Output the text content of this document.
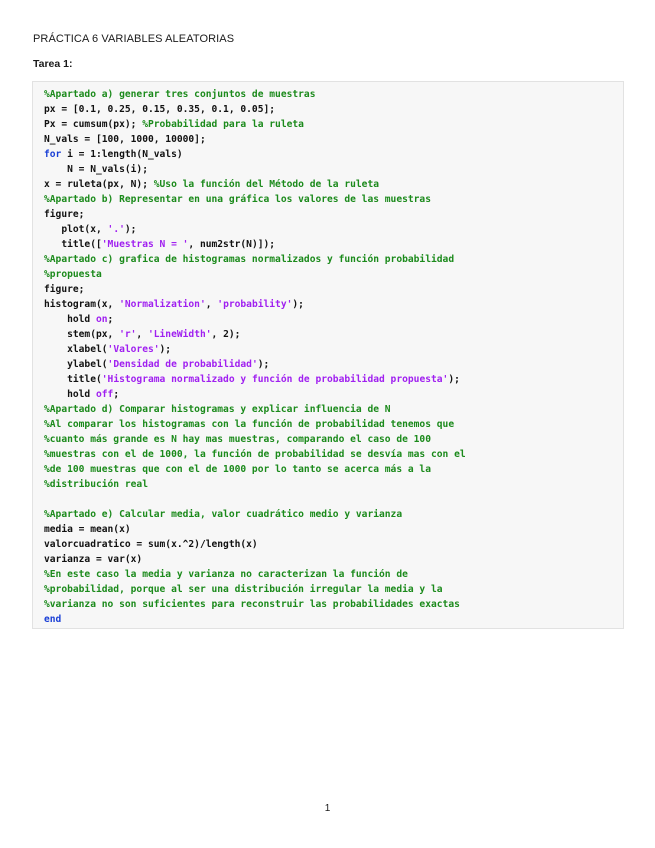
PRÁCTICA 6 VARIABLES ALEATORIAS
Tarea 1:
%Apartado a) generar tres conjuntos de muestras
px = [0.1, 0.25, 0.15, 0.35, 0.1, 0.05];
Px = cumsum(px); %Probabilidad para la ruleta
N_vals = [100, 1000, 10000];
for i = 1:length(N_vals)
N = N_vals(i);
x = ruleta(px, N); %Uso la función del Método de la ruleta
%Apartado b) Representar en una gráfica los valores de las muestras
figure;
plot(x, '.');
title(['Muestras N = ', num2str(N)]);
%Apartado c) grafica de histogramas normalizados y función probabilidad
%propuesta
figure;
histogram(x, 'Normalization', 'probability');
hold on;
stem(px, 'r', 'LineWidth', 2);
xlabel('Valores');
ylabel('Densidad de probabilidad');
title('Histograma normalizado y función de probabilidad propuesta');
hold off;
%Apartado d) Comparar histogramas y explicar influencia de N
%Al comparar los histogramas con la función de probabilidad tenemos que
%cuanto más grande es N hay mas muestras, comparando el caso de 100
%muestras con el de 1000, la función de probabilidad se desvía mas con el
%de 100 muestras que con el de 1000 por lo tanto se acerca más a la
%distribución real
%Apartado e) Calcular media, valor cuadrático medio y varianza
media = mean(x)
valorcuadratico = sum(x.^2)/length(x)
varianza = var(x)
%En este caso la media y varianza no caracterizan la función de
%probabilidad, porque al ser una distribución irregular la media y la
%varianza no son suficientes para reconstruir las probabilidades exactas
end
1
